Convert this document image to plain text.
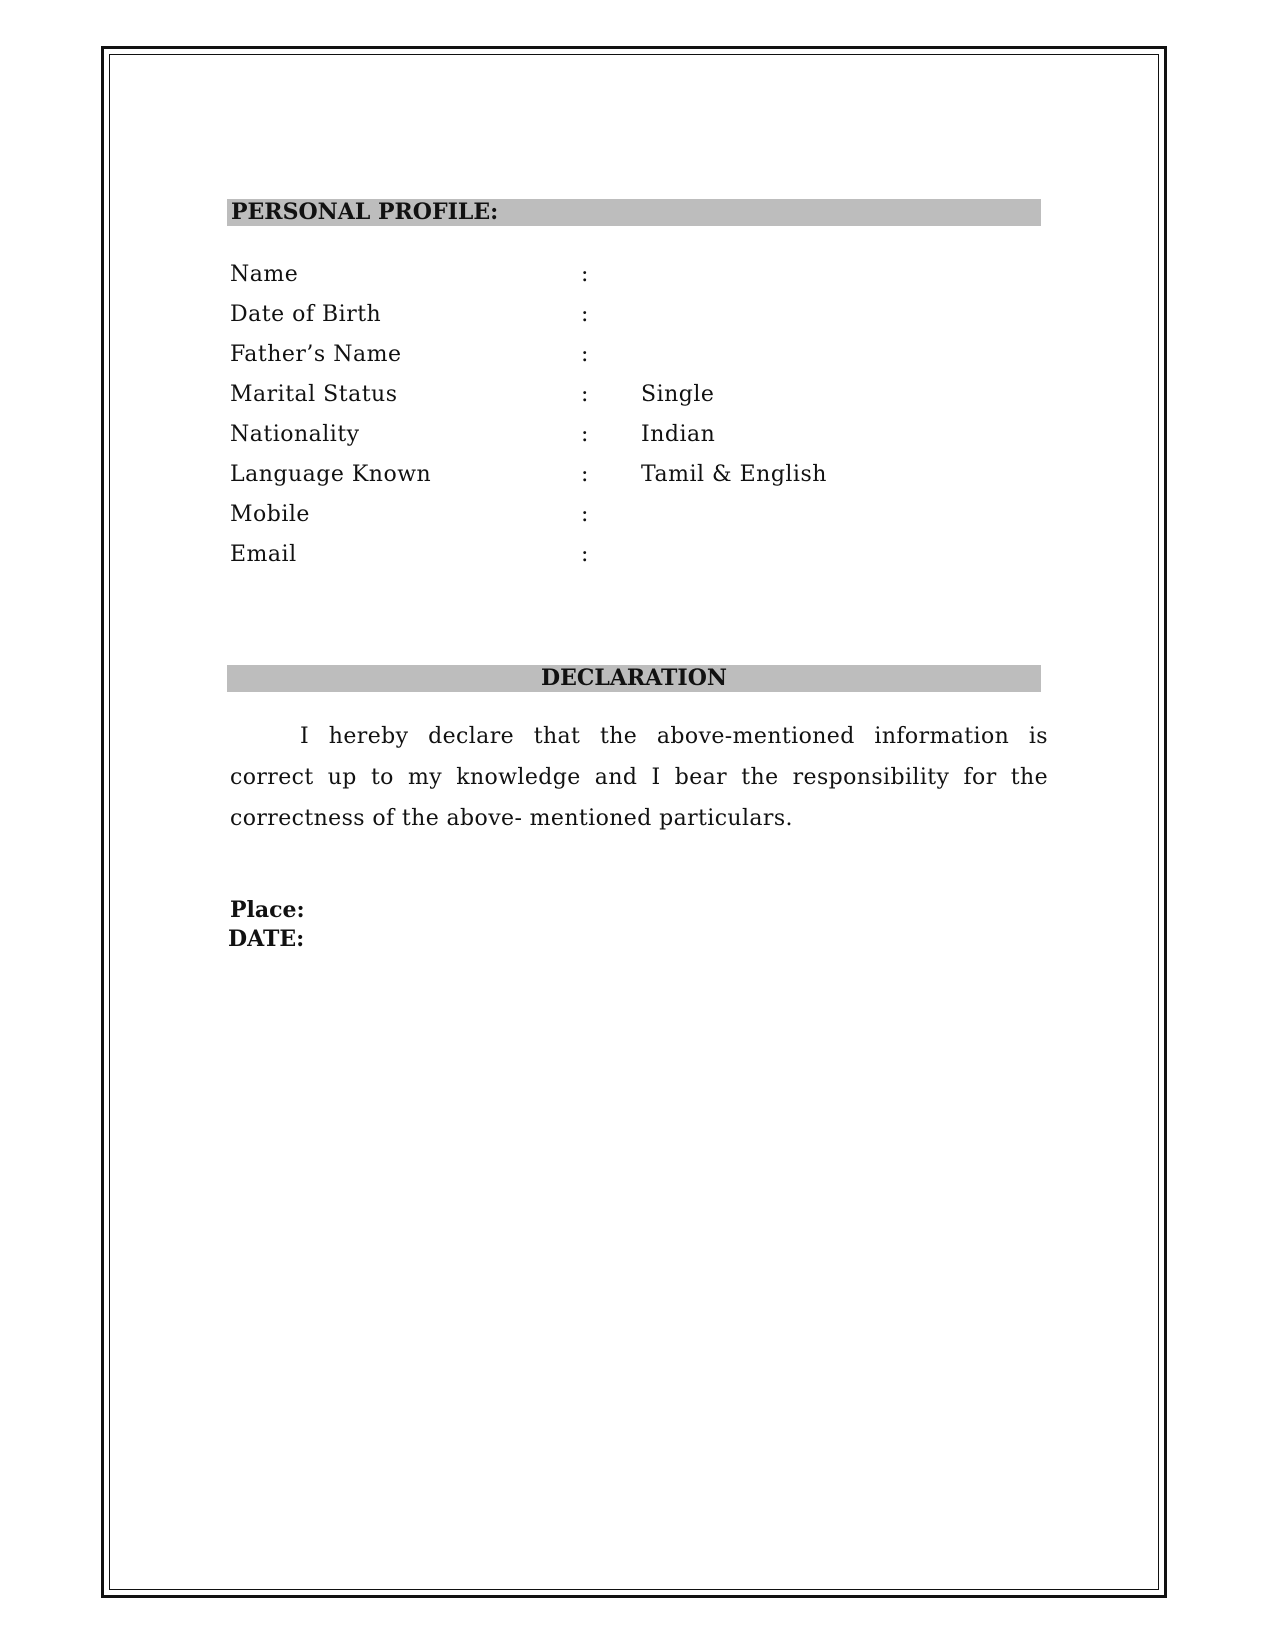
PERSONAL PROFILE:
Name	:
Date of Birth	:
Father’s Name	:
Marital Status	: Single
Nationality	: Indian
Language Known	: Tamil & English
Mobile	:
Email	:
DECLARATION

I hereby declare that the above-mentioned information is correct up to my knowledge and I bear the responsibility for the correctness of the above- mentioned particulars.

Place:
DATE:
